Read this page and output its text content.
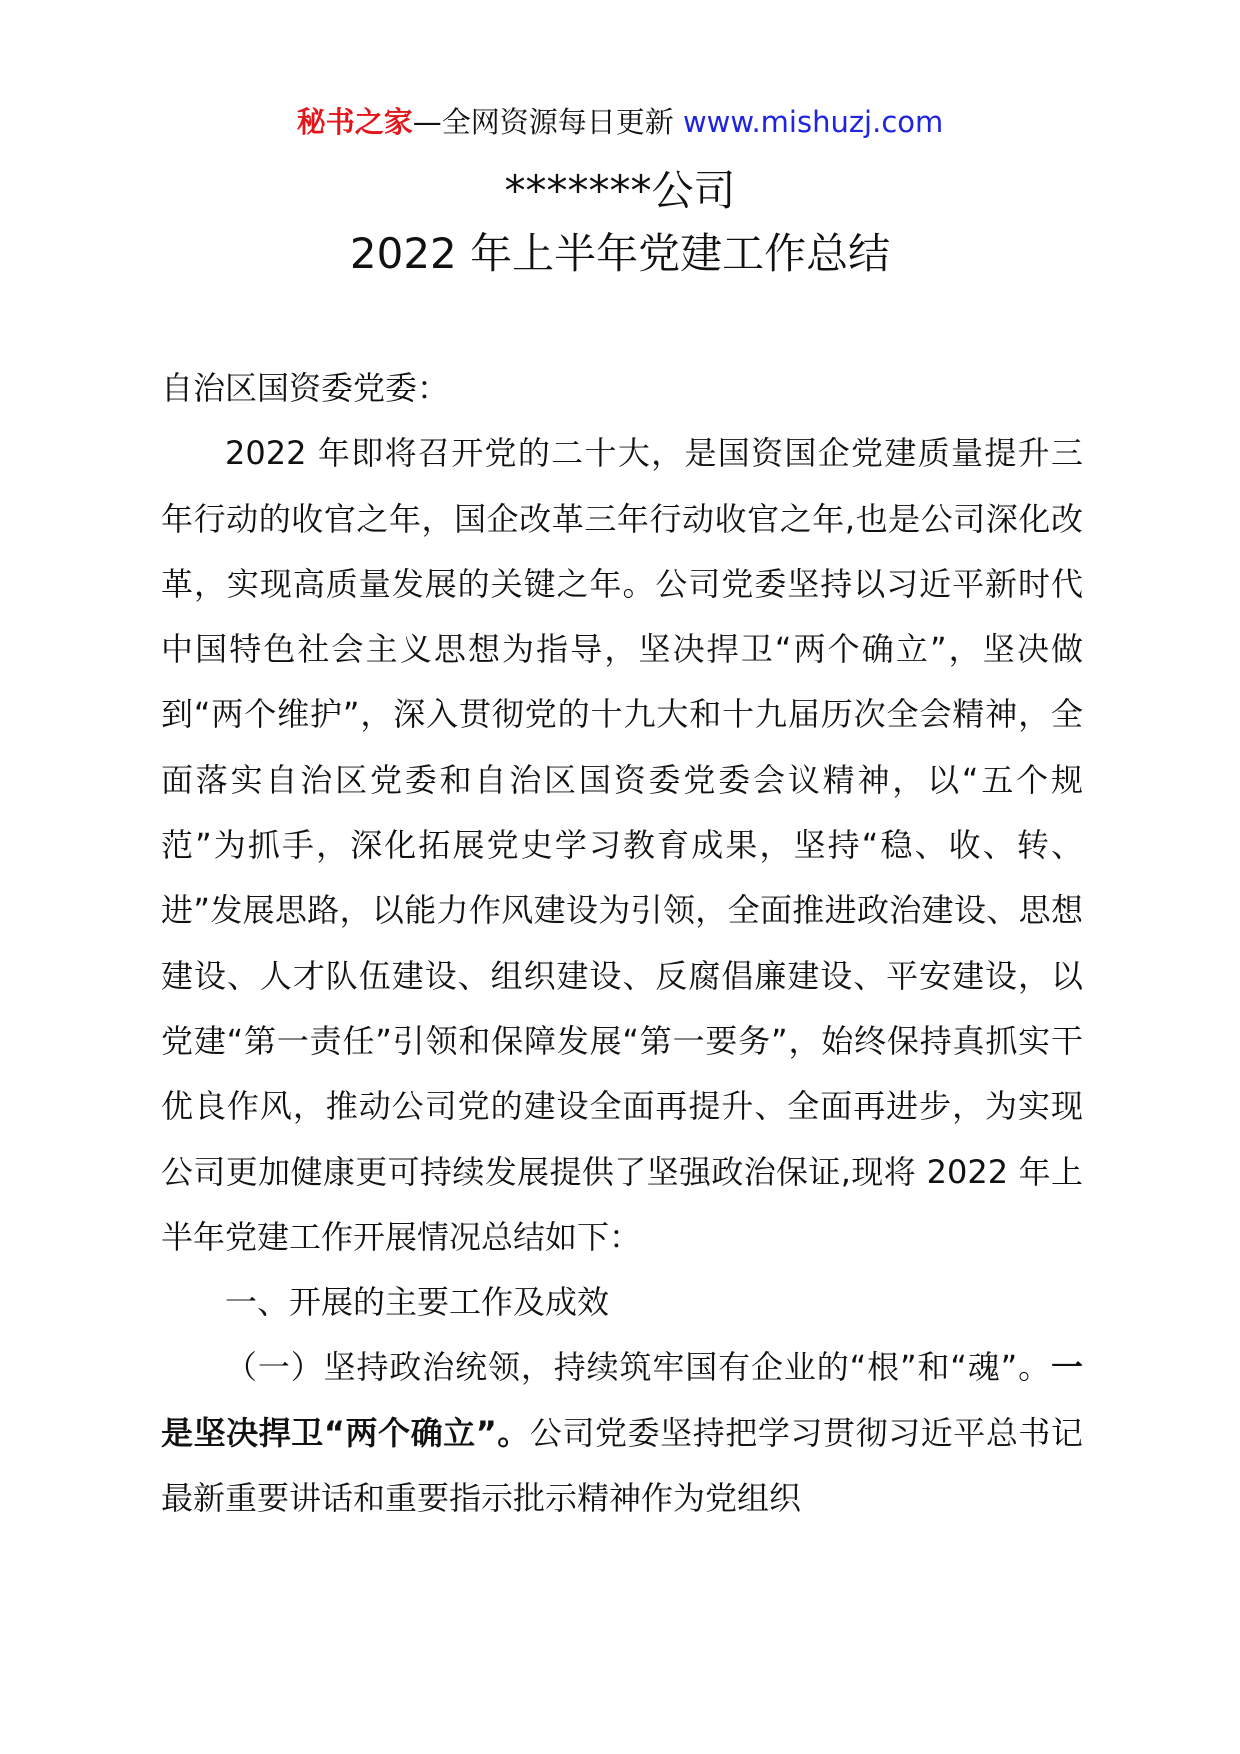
秘书之家—全网资源每日更新 www.mishuzj.com
*******公司
2022 年上半年党建工作总结

自治区国资委党委：

2022 年即将召开党的二十大，是国资国企党建质量提升三年行动的收官之年，国企改革三年行动收官之年,也是公司深化改革，实现高质量发展的关键之年。公司党委坚持以习近平新时代中国特色社会主义思想为指导，坚决捍卫“两个确立”，坚决做到“两个维护”，深入贯彻党的十九大和十九届历次全会精神，全面落实自治区党委和自治区国资委党委会议精神，以“五个规范”为抓手，深化拓展党史学习教育成果，坚持“稳、收、转、进”发展思路，以能力作风建设为引领，全面推进政治建设、思想建设、人才队伍建设、组织建设、反腐倡廉建设、平安建设，以党建“第一责任”引领和保障发展“第一要务”，始终保持真抓实干优良作风，推动公司党的建设全面再提升、全面再进步，为实现公司更加健康更可持续发展提供了坚强政治保证,现将 2022 年上半年党建工作开展情况总结如下：

一、开展的主要工作及成效

（一）坚持政治统领，持续筑牢国有企业的“根”和“魂”。一是坚决捍卫“两个确立”。公司党委坚持把学习贯彻习近平总书记最新重要讲话和重要指示批示精神作为党组织
